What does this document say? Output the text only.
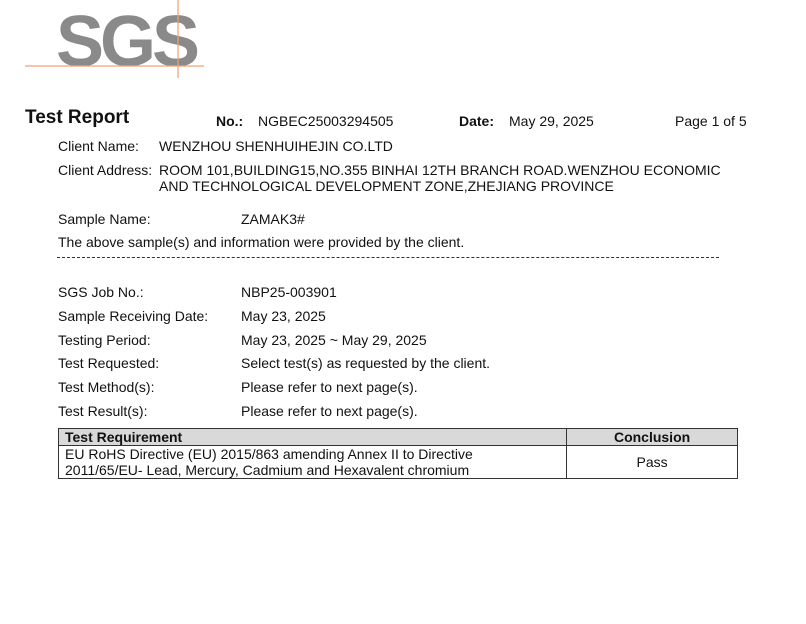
SGS
Test Report	No.: NGBEC25003294505	Date: May 29, 2025	Page 1 of 5
Client Name: WENZHOU SHENHUIHEJIN CO.LTD
Client Address: ROOM 101,BUILDING15,NO.355 BINHAI 12TH BRANCH ROAD.WENZHOU ECONOMIC
AND TECHNOLOGICAL DEVELOPMENT ZONE,ZHEJIANG PROVINCE
Sample Name:	ZAMAK3#
The above sample(s) and information were provided by the client.
SGS Job No.:	NBP25-003901
Sample Receiving Date: May 23, 2025
Testing Period:	May 23, 2025 ~ May 29, 2025
Test Requested:	Select test(s) as requested by the client.
Test Method(s):	Please refer to next page(s).
Test Result(s):	Please refer to next page(s).
Test Requirement	Conclusion

EU RoHS Directive (EU) 2015/863 amending Annex II to Directive
2011/65/EU- Lead, Mercury, Cadmium and Hexavalent chromium	Pass
